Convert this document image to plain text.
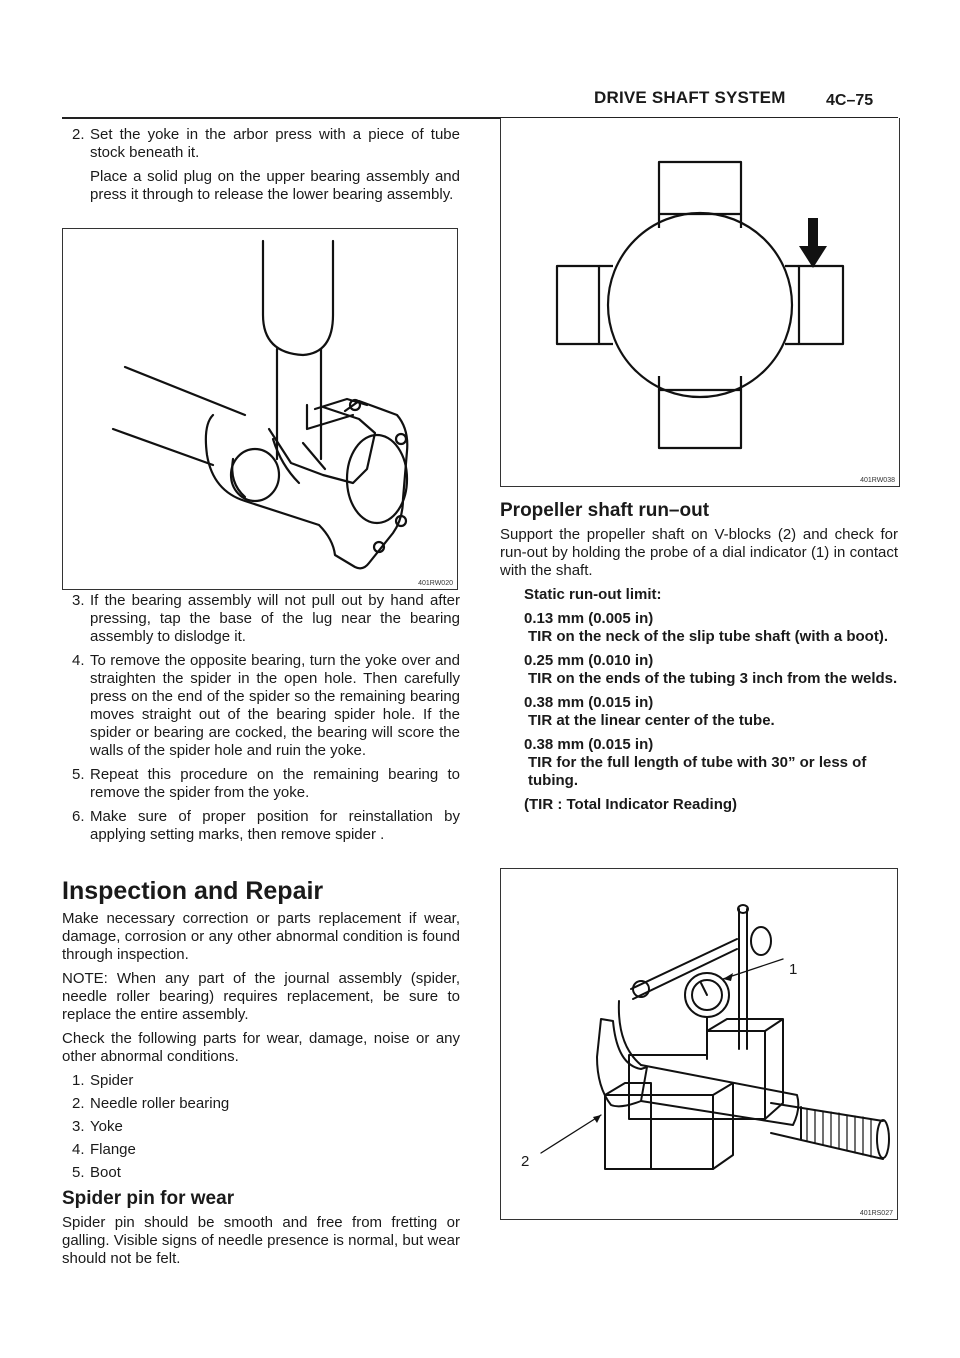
DRIVE SHAFT SYSTEM	4C–75
2. Set the yoke in the arbor press with a piece of tube stock beneath it.
Place a solid plug on the upper bearing assembly and press it through to release the lower bearing assembly.
401RW020
3. If the bearing assembly will not pull out by hand after pressing, tap the base of the lug near the bearing assembly to dislodge it.
4. To remove the opposite bearing, turn the yoke over and straighten the spider in the open hole. Then carefully press on the end of the spider so the remaining bearing moves straight out of the bearing spider hole. If the spider or bearing are cocked, the bearing will score the walls of the spider hole and ruin the yoke.
5. Repeat this procedure on the remaining bearing to remove the spider from the yoke.
6. Make sure of proper position for reinstallation by applying setting marks, then remove spider .
Inspection and Repair
Make necessary correction or parts replacement if wear, damage, corrosion or any other abnormal condition is found through inspection.
NOTE: When any part of the journal assembly (spider, needle roller bearing) requires replacement, be sure to replace the entire assembly.
Check the following parts for wear, damage, noise or any other abnormal conditions.
1. Spider
2. Needle roller bearing
3. Yoke
4. Flange
5. Boot
Spider pin for wear
Spider pin should be smooth and free from fretting or galling. Visible signs of needle presence is normal, but wear should not be felt.
401RW038
Propeller shaft run–out
Support the propeller shaft on V-blocks (2) and check for run-out by holding the probe of a dial indicator (1) in contact with the shaft.
Static run-out limit:
0.13 mm (0.005 in)
TIR on the neck of the slip tube shaft (with a boot).
0.25 mm (0.010 in)
TIR on the ends of the tubing 3 inch from the welds.
0.38 mm (0.015 in)
TIR at the linear center of the tube.
0.38 mm (0.015 in)
TIR for the full length of tube with 30” or less of tubing.
(TIR : Total Indicator Reading)
1
2
401RS027
